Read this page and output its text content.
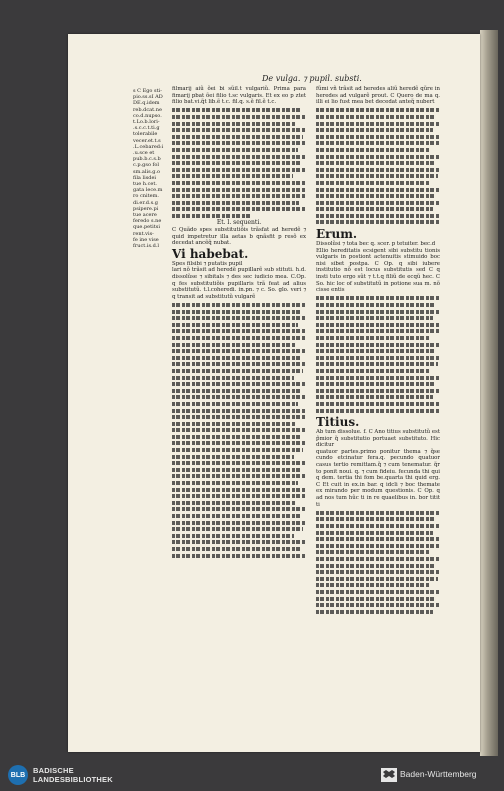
De vulga. ⁊ pupil. substi.
s C Ego sti-
pio.ss.sI AD
DE.q.idem
reb.dcat.ne
co.d.nupso.
t.Lo.b.lori-
.s.c.c.t.ti.g
tolerabile
vecer.et.t.s
.L.cebared:i
.u.sce et
pub.b.c.s.b
c.p.gso fol
sm.alis.g.o
fila lisdei
tue h.cet.
gata lece.m
ro cnitem.
di.er.d.s.g
psipere.pi
tue acere
feredo s.ne
que.petitsi
rent.vis-
fe ine vise
fruct.is.d.l

filmarij aiũ õei bi sũil.t vulgariũ. Prima para fimarij pbat õei filio t.sc vulgaris. Et ex eo p ztet filio bat.vi.q̃t lib.ẽ t.c. fil.q. s.ẽ fil.ẽ t.c.

Et. l. sequenti.

C Quãdo spes substitutiõis trãsfat ad heredẽ ⁊ quid impetretur illa aetas b qnãsfit p resõ ex decedat ancẽq̃ nubat.

Vi habebat.

Spes filsibi ⁊ putatis pupil

lari nõ trãsit ad heredẽ pupillarẽ sub stituti. h.d. dissolũse ⁊ sibitals ⁊ des sec iudicio mea. C.Op. q fes substitutiõis pupillaris trã feat ad alius substitutũ. t.l.coheredi. in.pn. ⁊ c. So. glo. veri ⁊ q transit ad substitutũ vulgarẽ

fũmi vñ trãsit ad heredes aliũ heredẽ qũre in heredes ad vulgarẽ prout. C Quero de ma q. illi ei lio fust mea bet decedat anteq̃ nubert

Erum.

Dissolũsi ⁊ tota bec q. scer. p tetuiter. bec.d

Ellio hereditatis ecsigent sibi substitu tionis vulgaris in postiont actenuitis stimuido boc nisi sibet postpa. C Op. q sibi iubere institutio nõ est locus substitutis sed C q insti tuto ergo sũt ⁊ t.t.q filiũ de ecqũ hec. C So. hic loc of substitutũ in potione sua m. nõ cisse entis

Titius.

Ab tum dissolue. f. C Ano titius substitutũ est p̃mior q̃ substitutio portuaet substituto. Hic dicitur

quatuor partes.primo ponitur thema ⁊ q̃se cundo etcinatur fera.q. pecundo quatuor casus tertio remittam.q̃ ⁊ cum tenematur. q̃r to ponit noui. q. ⁊ cum fideiu. fecunda thi qui q dem. tertia thi fom be.quarta thi quid erg. C Et cuit in ex.in bar. q idcli ⁊ boc themate ex mirando per modum questionis. C Op. q ad nos tum hũc ti in re quaelibus in. bor titit ti

BLB	BADISCHE
LANDESBIBLIOTHEK
Baden-Württemberg
